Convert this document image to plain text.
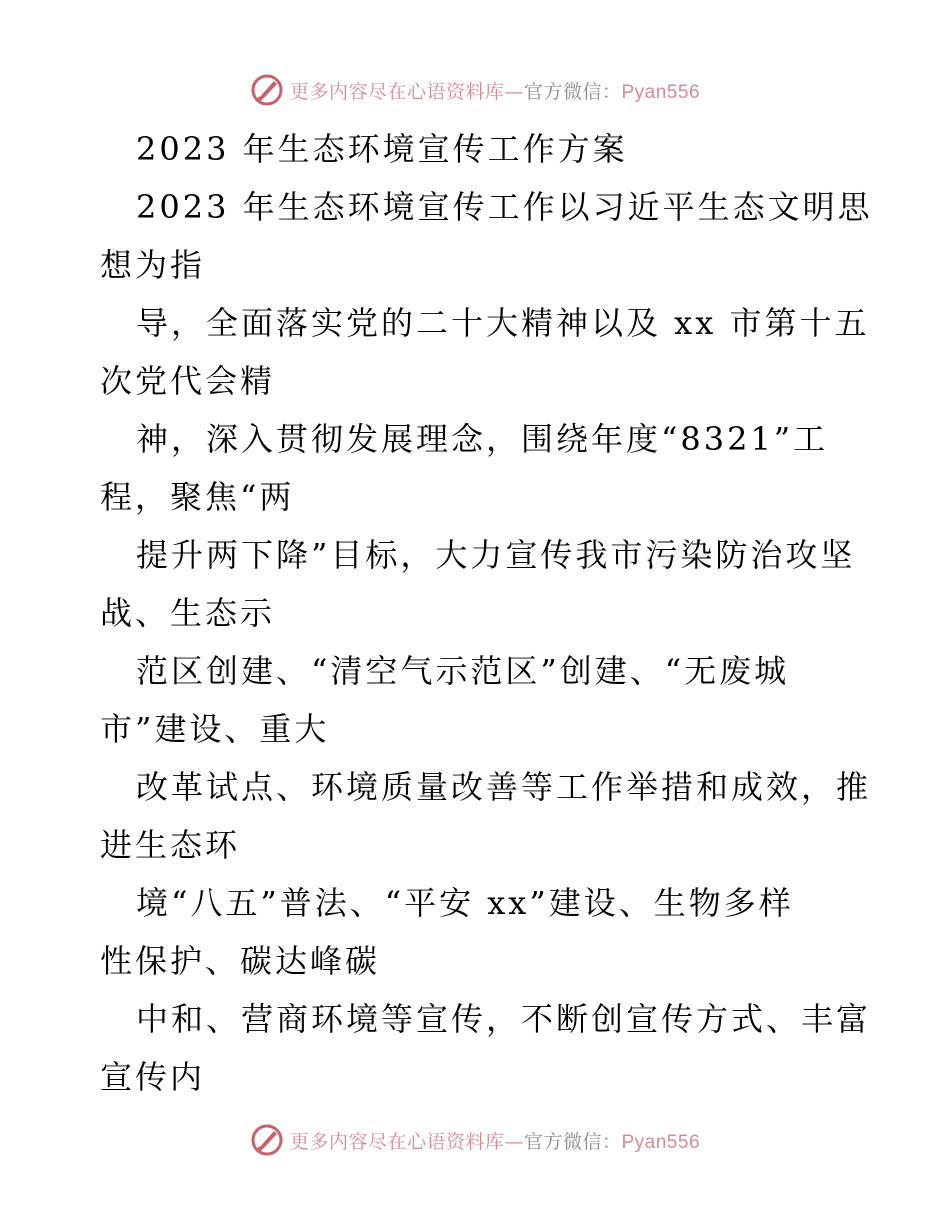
更多内容尽在心语资料库—官方微信：Pyan556
2023 年生态环境宣传工作方案
2023 年生态环境宣传工作以习近平生态文明思
想为指
导，全面落实党的二十大精神以及 xx 市第十五
次党代会精
神，深入贯彻发展理念，围绕年度“8321”工
程，聚焦“两
提升两下降”目标，大力宣传我市污染防治攻坚
战、生态示
范区创建、“清空气示范区”创建、“无废城
市”建设、重大
改革试点、环境质量改善等工作举措和成效，推
进生态环
境“八五”普法、“平安 xx”建设、生物多样
性保护、碳达峰碳
中和、营商环境等宣传，不断创宣传方式、丰富
宣传内
更多内容尽在心语资料库—官方微信：Pyan556
